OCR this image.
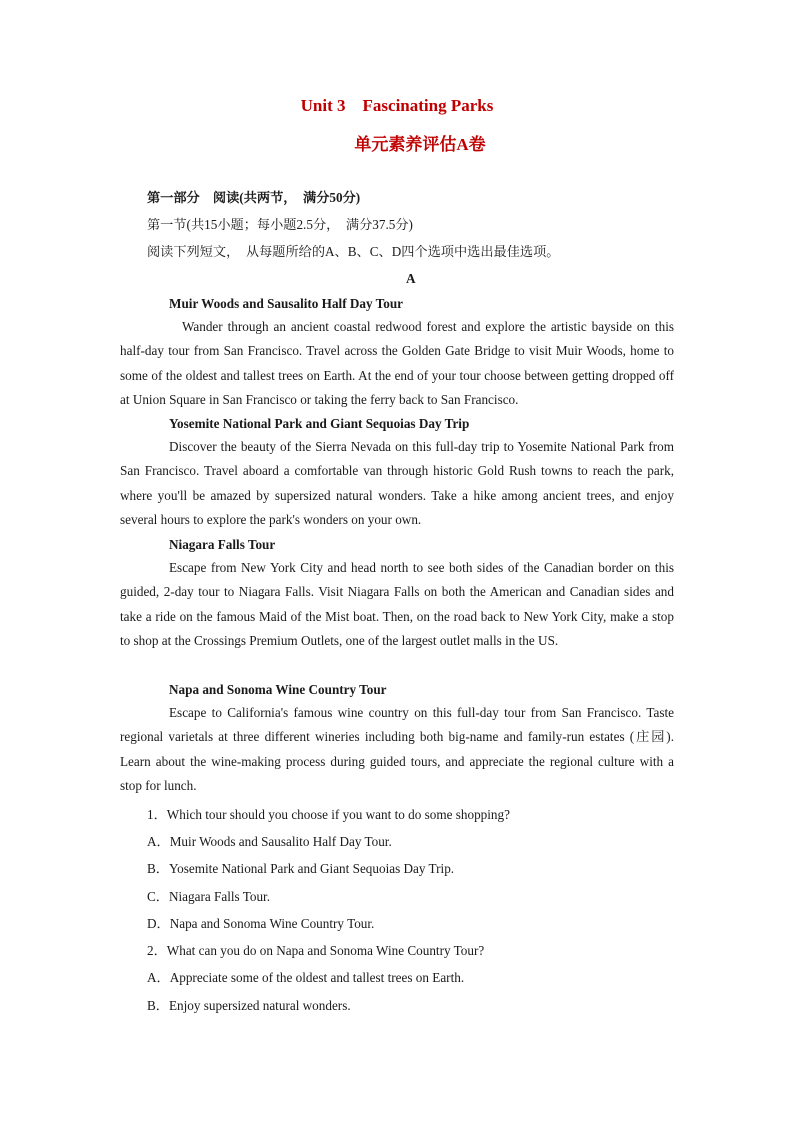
Unit 3 Fascinating Parks
单元素养评估A卷
第一部分　阅读(共两节，　满分50分)
第一节(共15小题；每小题2.5分，　满分37.5分)
阅读下列短文，　从每题所给的A、B、C、D四个选项中选出最佳选项。
A
Muir Woods and Sausalito Half Day Tour
Wander through an ancient coastal redwood forest and explore the artistic bayside on this half-day tour from San Francisco. Travel across the Golden Gate Bridge to visit Muir Woods, home to some of the oldest and tallest trees on Earth. At the end of your tour choose between getting dropped off at Union Square in San Francisco or taking the ferry back to San Francisco.
Yosemite National Park and Giant Sequoias Day Trip
Discover the beauty of the Sierra Nevada on this full-day trip to Yosemite National Park from San Francisco. Travel aboard a comfortable van through historic Gold Rush towns to reach the park, where you'll be amazed by supersized natural wonders. Take a hike among ancient trees, and enjoy several hours to explore the park's wonders on your own.
Niagara Falls Tour
Escape from New York City and head north to see both sides of the Canadian border on this guided, 2-day tour to Niagara Falls. Visit Niagara Falls on both the American and Canadian sides and take a ride on the famous Maid of the Mist boat. Then, on the road back to New York City, make a stop to shop at the Crossings Premium Outlets, one of the largest outlet malls in the US.
Napa and Sonoma Wine Country Tour
Escape to California's famous wine country on this full-day tour from San Francisco. Taste regional varietals at three different wineries including both big-name and family-run estates (庄园). Learn about the wine-making process during guided tours, and appreciate the regional culture with a stop for lunch.
1．Which tour should you choose if you want to do some shopping?
A．Muir Woods and Sausalito Half Day Tour.
B．Yosemite National Park and Giant Sequoias Day Trip.
C．Niagara Falls Tour.
D．Napa and Sonoma Wine Country Tour.
2．What can you do on Napa and Sonoma Wine Country Tour?
A．Appreciate some of the oldest and tallest trees on Earth.
B．Enjoy supersized natural wonders.
